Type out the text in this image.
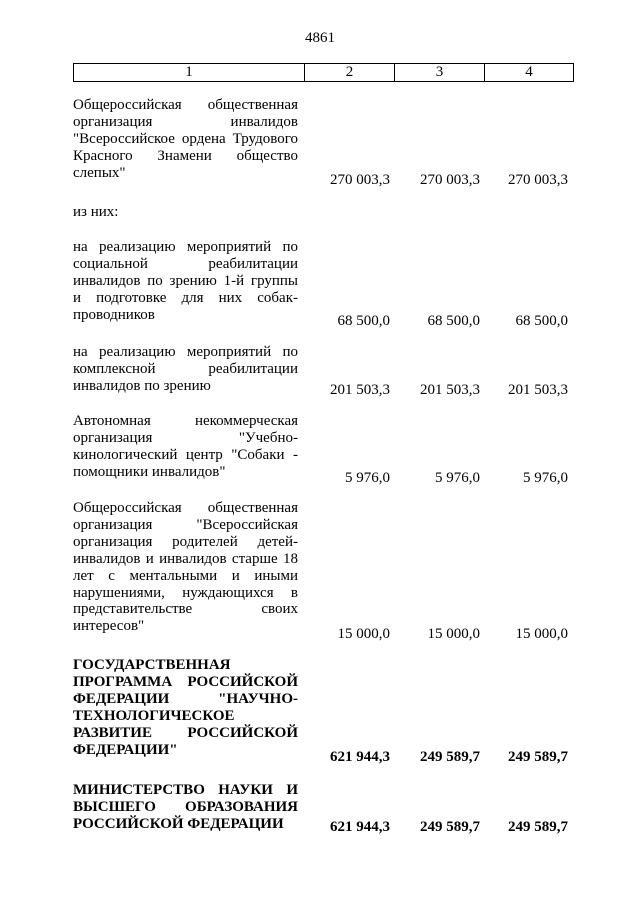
4861
1	2	3	4
Общероссийская общественная
организация инвалидов
"Всероссийское ордена Трудового
Красного Знамени общество
слепых"	270 003,3	270 003,3	270 003,3
из них:
на реализацию мероприятий по
социальной реабилитации
инвалидов по зрению 1-й группы
и подготовке для них собак-
проводников	68 500,0	68 500,0	68 500,0
на реализацию мероприятий по
комплексной реабилитации
инвалидов по зрению	201 503,3	201 503,3	201 503,3
Автономная некоммерческая
организация "Учебно-
кинологический центр "Собаки -
помощники инвалидов"	5 976,0	5 976,0	5 976,0
Общероссийская общественная
организация "Всероссийская
организация родителей детей-
инвалидов и инвалидов старше 18
лет с ментальными и иными
нарушениями, нуждающихся в
представительстве своих
интересов"	15 000,0	15 000,0	15 000,0
ГОСУДАРСТВЕННАЯ
ПРОГРАММА РОССИЙСКОЙ
ФЕДЕРАЦИИ "НАУЧНО-
ТЕХНОЛОГИЧЕСКОЕ
РАЗВИТИЕ РОССИЙСКОЙ
ФЕДЕРАЦИИ"	621 944,3	249 589,7	249 589,7
МИНИСТЕРСТВО НАУКИ И
ВЫСШЕГО ОБРАЗОВАНИЯ
РОССИЙСКОЙ ФЕДЕРАЦИИ	621 944,3	249 589,7	249 589,7
